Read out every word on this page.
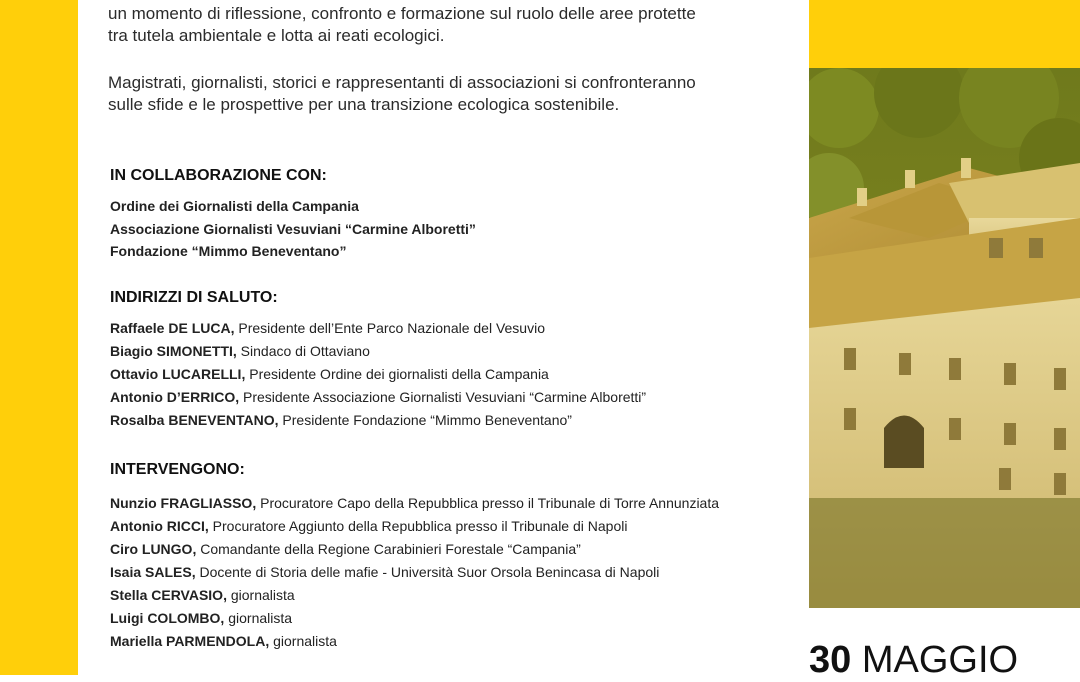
un momento di riflessione, confronto e formazione sul ruolo delle aree protette
tra tutela ambientale e lotta ai reati ecologici.

Magistrati, giornalisti, storici e rappresentanti di associazioni si confronteranno
sulle sfide e le prospettive per una transizione ecologica sostenibile.

IN COLLABORAZIONE CON:
Ordine dei Giornalisti della Campania
Associazione Giornalisti Vesuviani “Carmine Alboretti”
Fondazione “Mimmo Beneventano”
INDIRIZZI DI SALUTO:
Raffaele DE LUCA, Presidente dell’Ente Parco Nazionale del Vesuvio
Biagio SIMONETTI, Sindaco di Ottaviano
Ottavio LUCARELLI, Presidente Ordine dei giornalisti della Campania
Antonio D’ERRICO, Presidente Associazione Giornalisti Vesuviani “Carmine Alboretti”
Rosalba BENEVENTANO, Presidente Fondazione “Mimmo Beneventano”
INTERVENGONO:
Nunzio FRAGLIASSO, Procuratore Capo della Repubblica presso il Tribunale di Torre Annunziata
Antonio RICCI, Procuratore Aggiunto della Repubblica presso il Tribunale di Napoli
Ciro LUNGO, Comandante della Regione Carabinieri Forestale “Campania”
Isaia SALES, Docente di Storia delle mafie - Università Suor Orsola Benincasa di Napoli
Stella CERVASIO, giornalista
Luigi COLOMBO, giornalista
Mariella PARMENDOLA, giornalista	30 MAGGIO
